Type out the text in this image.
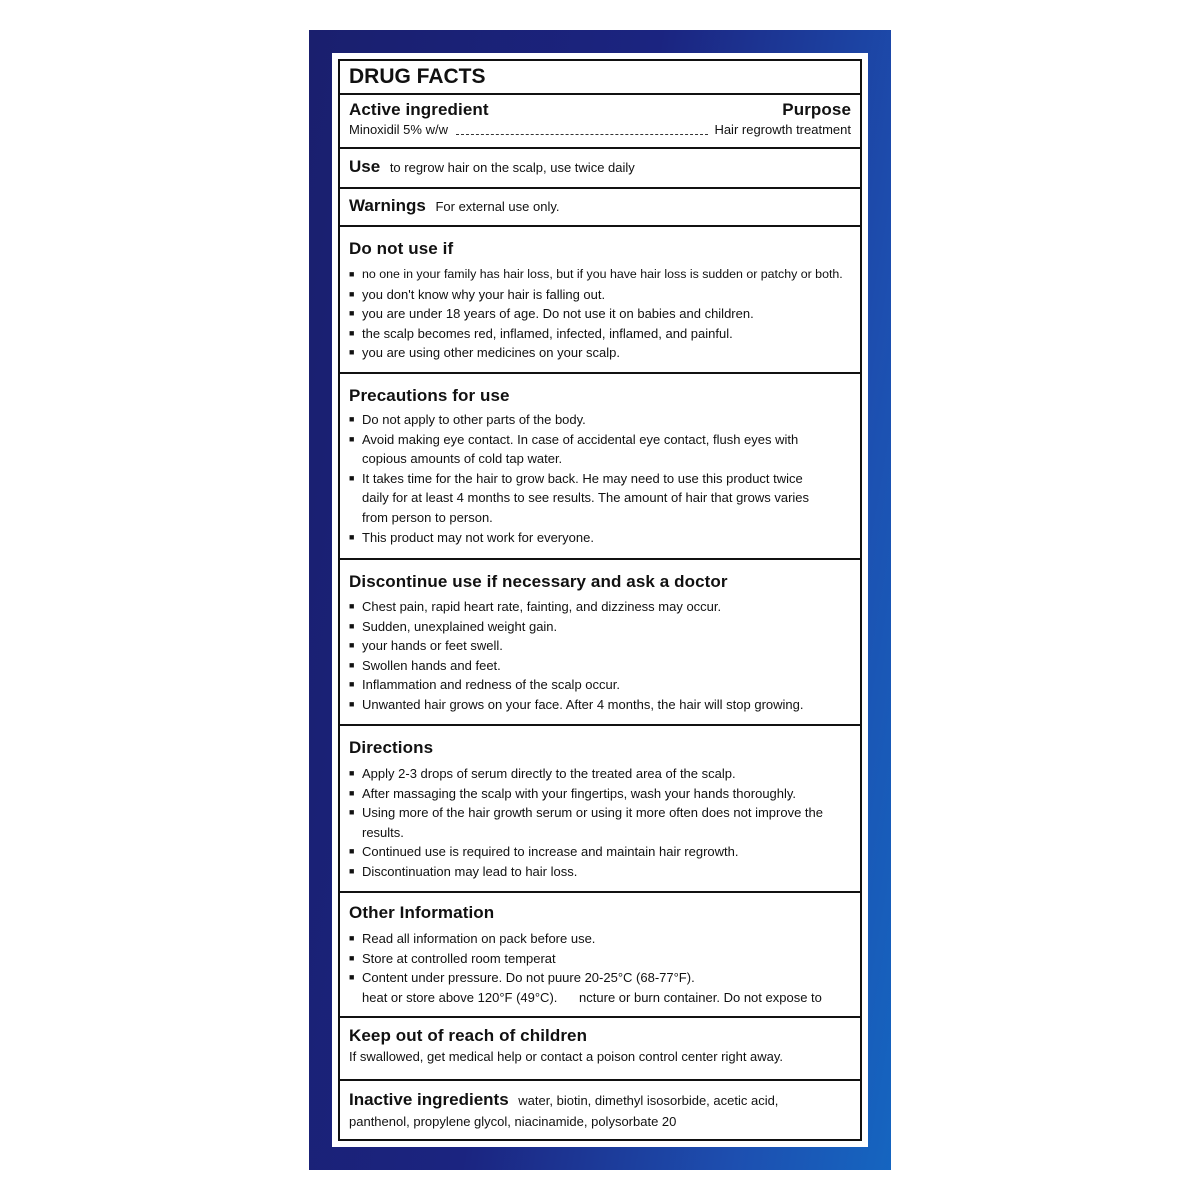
DRUG FACTS
Active ingredient	Purpose
Minoxidil 5% w/w	Hair regrowth treatment
Use to regrow hair on the scalp, use twice daily
Warnings For external use only.
Do not use if
■ no one in your family has hair loss, but if you have hair loss is sudden or patchy or both.
■ you don't know why your hair is falling out.
■ you are under 18 years of age. Do not use it on babies and children.
■ the scalp becomes red, inflamed, infected, inflamed, and painful.
■ you are using other medicines on your scalp.
Precautions for use
■ Do not apply to other parts of the body.
■ Avoid making eye contact. In case of accidental eye contact, flush eyes with copious amounts of cold tap water.
■ It takes time for the hair to grow back. He may need to use this product twice daily for at least 4 months to see results. The amount of hair that grows varies from person to person.
■ This product may not work for everyone.
Discontinue use if necessary and ask a doctor
■ Chest pain, rapid heart rate, fainting, and dizziness may occur.
■ Sudden, unexplained weight gain.
■ your hands or feet swell.
■ Swollen hands and feet.
■ Inflammation and redness of the scalp occur.
■ Unwanted hair grows on your face. After 4 months, the hair will stop growing.
Directions
■ Apply 2-3 drops of serum directly to the treated area of the scalp.
■ After massaging the scalp with your fingertips, wash your hands thoroughly.
■ Using more of the hair growth serum or using it more often does not improve the results.
■ Continued use is required to increase and maintain hair regrowth.
■ Discontinuation may lead to hair loss.
Other Information
■ Read all information on pack before use.
■ Store at controlled room temperat
■ Content under pressure. Do not puure 20-25°C (68-77°F).
heat or store above 120°F (49°C).      ncture or burn container. Do not expose to
Keep out of reach of children
If swallowed, get medical help or contact a poison control center right away.
Inactive ingredients water, biotin, dimethyl isosorbide, acetic acid, panthenol, propylene glycol, niacinamide, polysorbate 20
